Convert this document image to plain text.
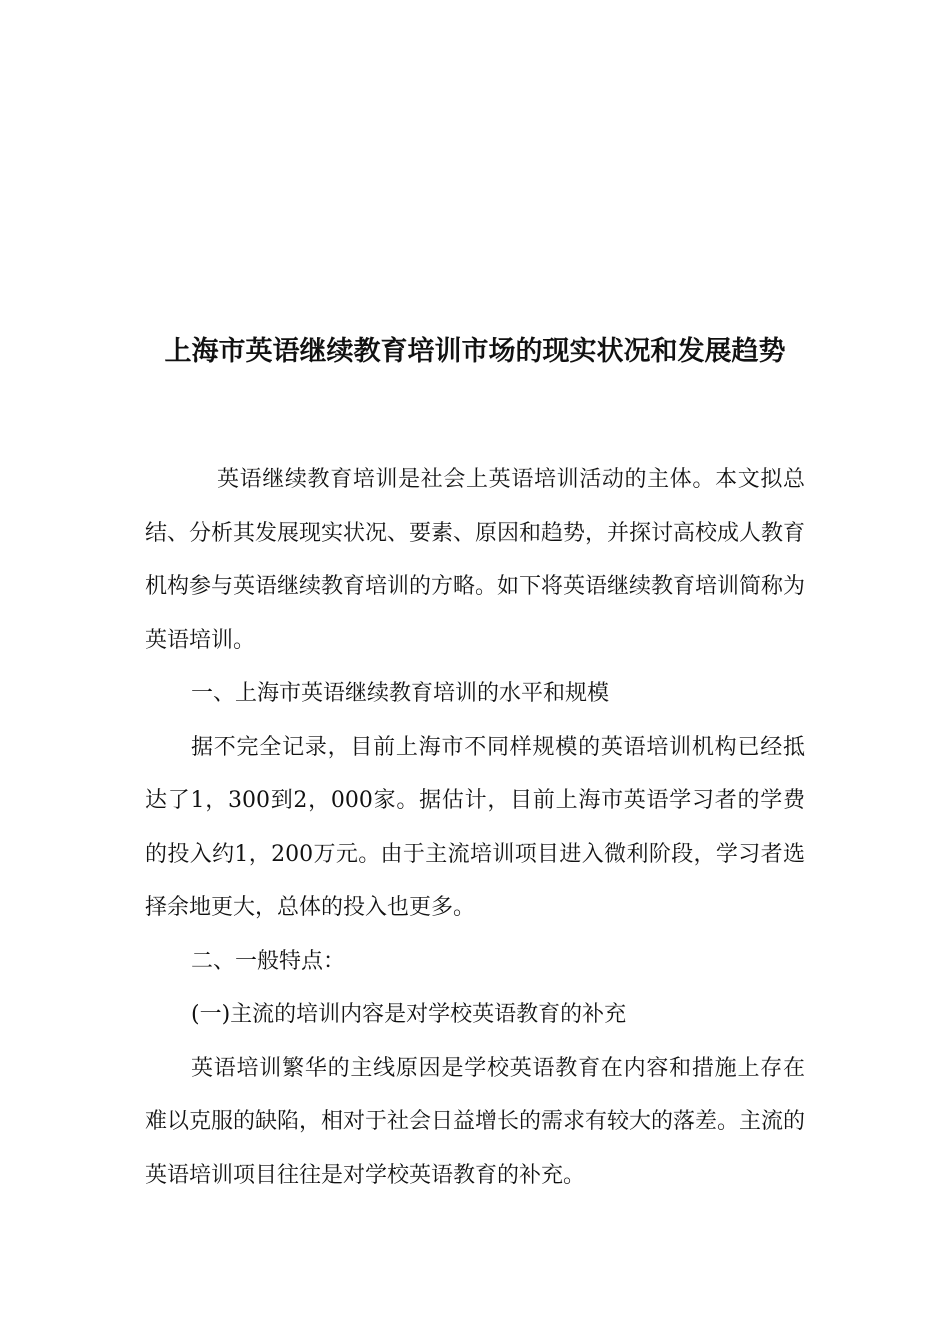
上海市英语继续教育培训市场的现实状况和发展趋势

英语继续教育培训是社会上英语培训活动的主体。本文拟总结、分析其发展现实状况、要素、原因和趋势，并探讨高校成人教育机构参与英语继续教育培训的方略。如下将英语继续教育培训简称为英语培训。

一、上海市英语继续教育培训的水平和规模

据不完全记录，目前上海市不同样规模的英语培训机构已经抵达了1，300到2，000家。据估计，目前上海市英语学习者的学费的投入约1，200万元。由于主流培训项目进入微利阶段，学习者选择余地更大，总体的投入也更多。

二、一般特点：

(一)主流的培训内容是对学校英语教育的补充

英语培训繁华的主线原因是学校英语教育在内容和措施上存在难以克服的缺陷，相对于社会日益增长的需求有较大的落差。主流的英语培训项目往往是对学校英语教育的补充。
